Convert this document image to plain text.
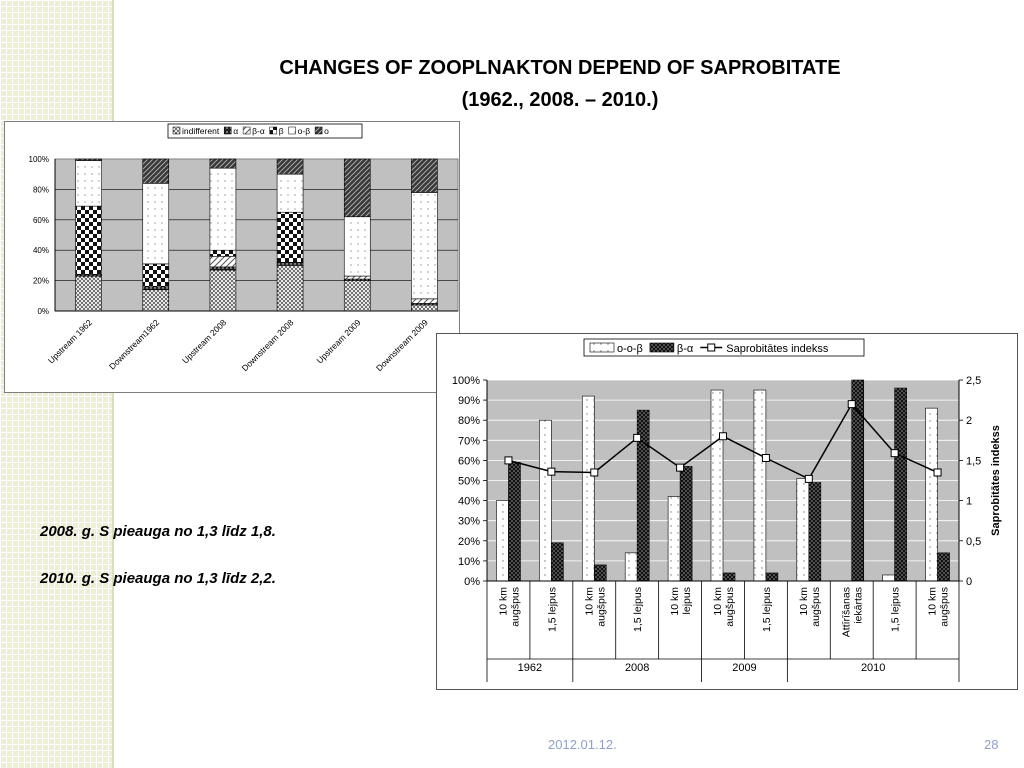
CHANGES OF ZOOPLNAKTON DEPEND OF SAPROBITATE
(1962., 2008. – 2010.)
0%
20%
40%
60%
80%
100%
Upstream 1962 Downstream1962 Upstream 2008 Downstream 2008 Upstream 2009 Downstream 2009
indifferent α β-α β o-β o
0%
10%
20%
30%
40%
50%
60%
70%
80%
90%
100%
0
0,5
1
1,5
2
2,5
10 km augšpus 1,5 lejpus 10 km augšpus 1,5 lejpus 10 km lejpus 10 km augšpus 1,5 lejpus 10 km augšpus Attīrīšanas iekārtas 1,5 lejpus 10 km augšpus
1962	2008	2009	2010
Saprobitātes indekss
o-o-β	β-α	Saprobitātes indekss
2008. g. S pieauga no 1,3 līdz 1,8.
2010. g. S pieauga no 1,3 līdz 2,2.
2012.01.12.	28
